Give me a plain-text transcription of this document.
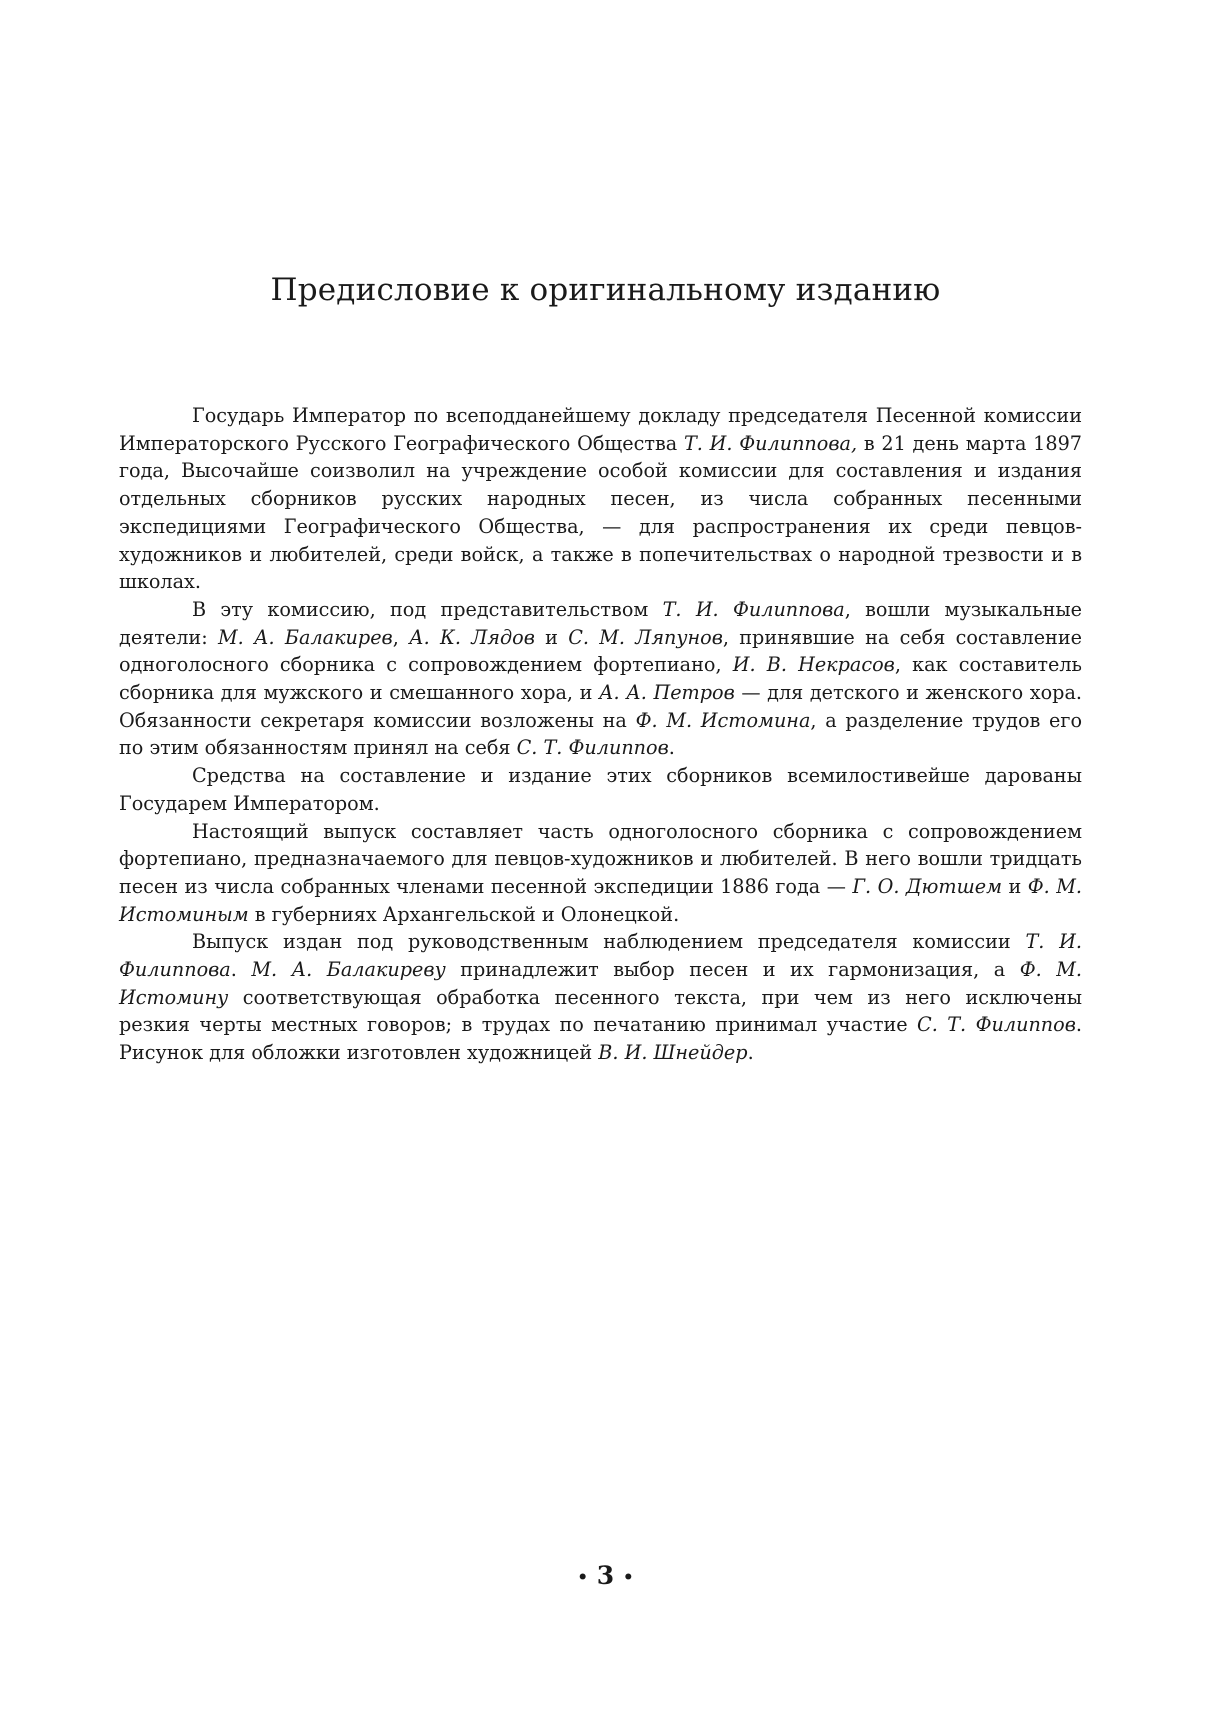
Предисловие к оригинальному изданию

Государь Император по всеподданейшему докладу председателя Песенной комиссии Императорского Русского Географического Общества Т. И. Филиппова, в 21 день марта 1897 года, Высочайше соизволил на учреждение особой комиссии для составления и издания отдельных сборников русских народных песен, из числа собранных песенными экспедициями Географического Общества, — для распространения их среди певцов-художников и любителей, среди войск, а также в попечительствах о народной трезвости и в школах.

В эту комиссию, под представительством Т. И. Филиппова, вошли музыкальные деятели: М. А. Балакирев, А. К. Лядов и С. М. Ляпунов, принявшие на себя составление одноголосного сборника с сопровождением фортепиано, И. В. Некрасов, как составитель сборника для мужского и смешанного хора, и А. А. Петров — для детского и женского хора. Обязанности секретаря комиссии возложены на Ф. М. Истомина, а разделение трудов его по этим обязанностям принял на себя С. Т. Филиппов.

Средства на составление и издание этих сборников всемилостивейше дарованы Государем Императором.

Настоящий выпуск составляет часть одноголосного сборника с сопровождением фортепиано, предназначаемого для певцов-художников и любителей. В него вошли тридцать песен из числа собранных членами песенной экспедиции 1886 года — Г. О. Дютшем и Ф. М. Истоминым в губерниях Архангельской и Олонецкой.

Выпуск издан под руководственным наблюдением председателя комиссии Т. И. Филиппова. М. А. Балакиреву принадлежит выбор песен и их гармонизация, а Ф. М. Истомину соответствующая обработка песенного текста, при чем из него исключены резкия черты местных говоров; в трудах по печатанию принимал участие С. Т. Филиппов. Рисунок для обложки изготовлен художницей В. И. Шнейдер.

• 3 •
